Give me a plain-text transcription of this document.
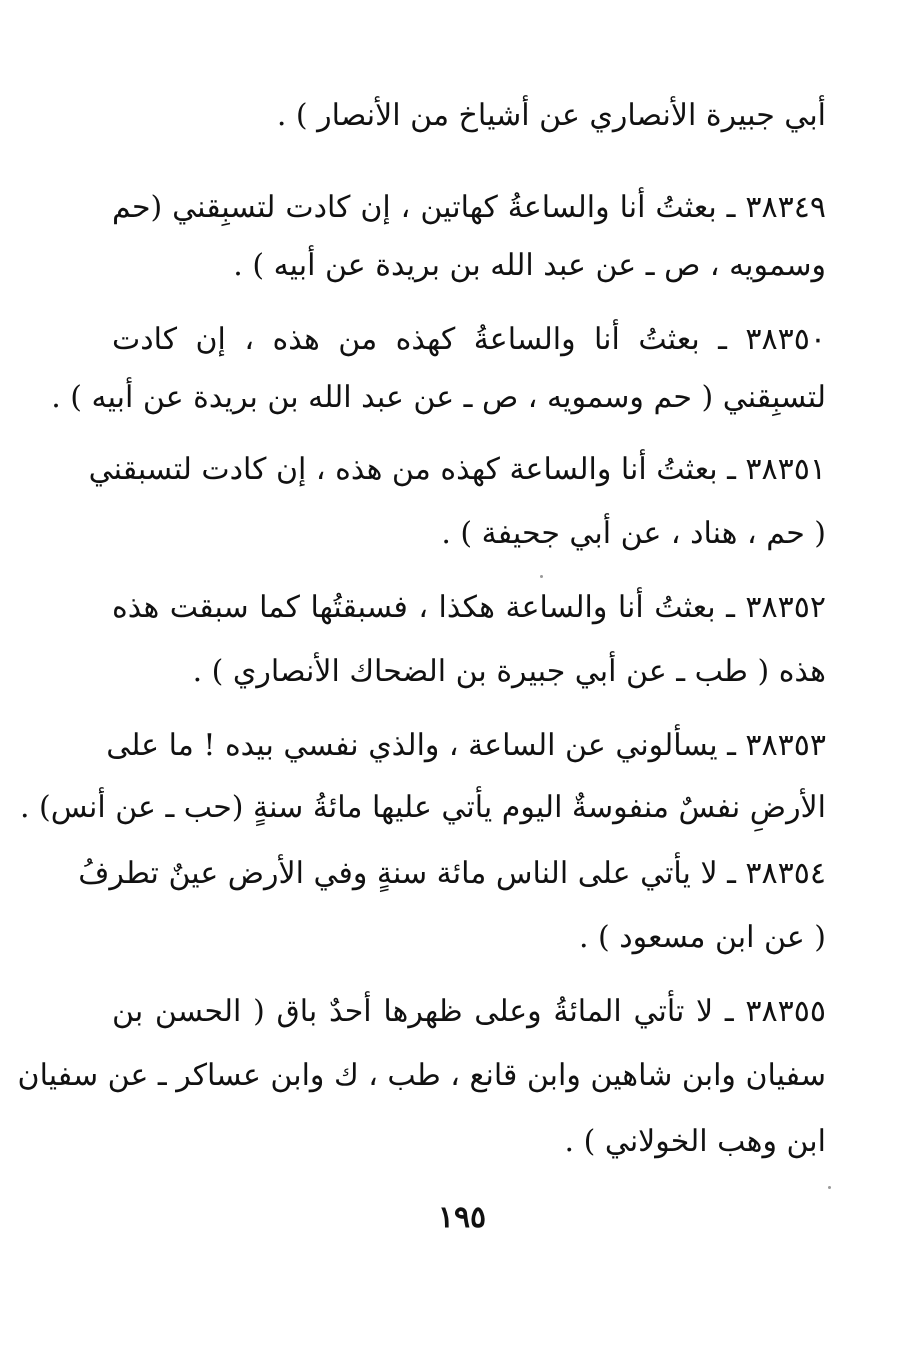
أبي جبيرة الأنصاري عن أشياخ من الأنصار ) .
٣٨٣٤٩ ـ بعثتُ أنا والساعةُ كهاتين ، إن كادت لتسبِقني (حم
وسمويه ، ص ـ عن عبد الله بن بريدة عن أبيه ) .
٣٨٣٥٠ ـ بعثتُ أنا والساعةُ كهذه من هذه ، إن كادت
لتسبِقني ( حم وسمويه ، ص ـ عن عبد الله بن بريدة عن أبيه ) .
٣٨٣٥١ ـ بعثتُ أنا والساعة كهذه من هذه ، إن كادت لتسبقني
( حم ، هناد ، عن أبي جحيفة ) .
٣٨٣٥٢ ـ بعثتُ أنا والساعة هكذا ، فسبقتُها كما سبقت هذه
هذه ( طب ـ عن أبي جبيرة بن الضحاك الأنصاري ) .
٣٨٣٥٣ ـ يسألوني عن الساعة ، والذي نفسي بيده ! ما على
الأرضِ نفسٌ منفوسةٌ اليوم يأتي عليها مائةُ سنةٍ (حب ـ عن أنس) .
٣٨٣٥٤ ـ لا يأتي على الناس مائة سنةٍ وفي الأرض عينٌ تطرفُ
( عن ابن مسعود ) .
٣٨٣٥٥ ـ لا تأتي المائةُ وعلى ظهرها أحدٌ باق ( الحسن بن
سفيان وابن شاهين وابن قانع ، طب ، ك وابن عساكر ـ عن سفيان
ابن وهب الخولاني ) .
١٩٥
